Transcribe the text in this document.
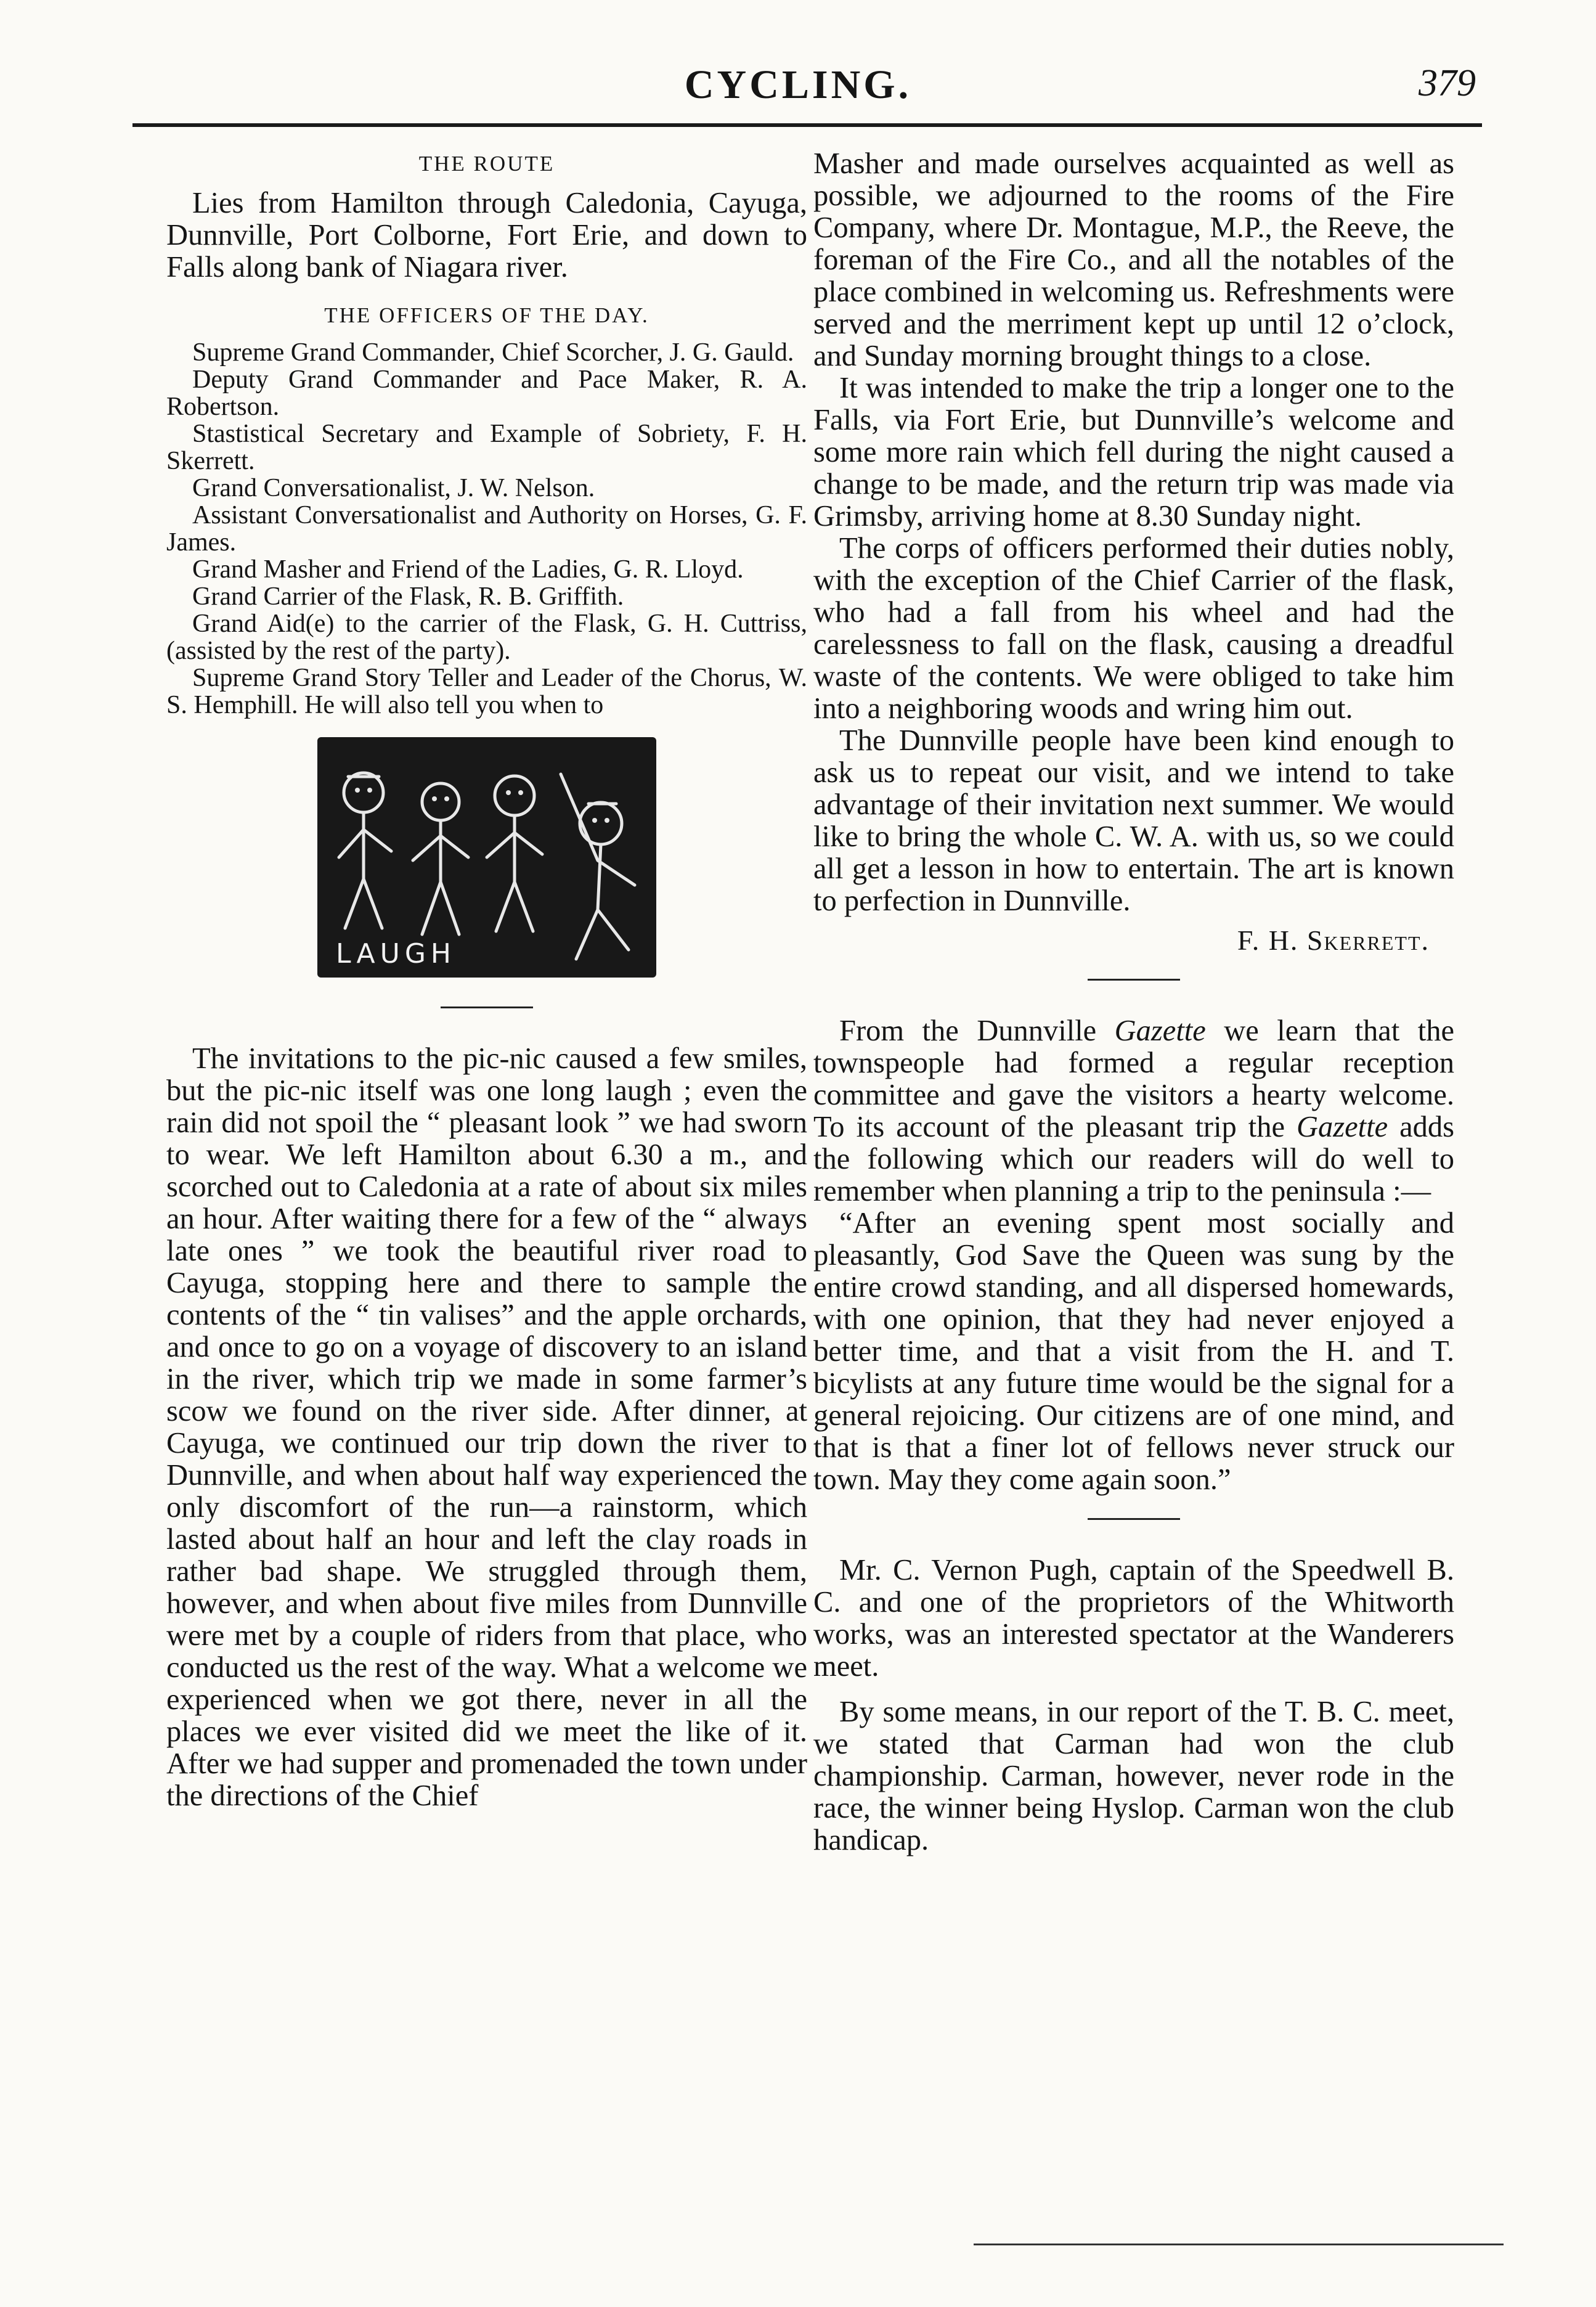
CYCLING.	379
THE ROUTE

Lies from Hamilton through Caledonia, Cayuga, Dunnville, Port Colborne, Fort Erie, and down to Falls along bank of Niagara river.

THE OFFICERS OF THE DAY.

Supreme Grand Commander, Chief Scorcher, J. G. Gauld.

Deputy Grand Commander and Pace Maker, R. A. Robertson.

Stastistical Secretary and Example of Sobriety, F. H. Skerrett.

Grand Conversationalist, J. W. Nelson.

Assistant Conversationalist and Authority on Horses, G. F. James.

Grand Masher and Friend of the Ladies, G. R. Lloyd.

Grand Carrier of the Flask, R. B. Griffith.

Grand Aid(e) to the carrier of the Flask, G. H. Cuttriss, (assisted by the rest of the party).

Supreme Grand Story Teller and Leader of the Chorus, W. S. Hemphill. He will also tell you when to

LAUGH

The invitations to the pic-nic caused a few smiles, but the pic-nic itself was one long laugh ; even the rain did not spoil the “ pleasant look ” we had sworn to wear. We left Hamilton about 6.30 a m., and scorched out to Caledonia at a rate of about six miles an hour. After waiting there for a few of the “ always late ones ” we took the beautiful river road to Cayuga, stopping here and there to sample the contents of the “ tin valises” and the apple orchards, and once to go on a voyage of discovery to an island in the river, which trip we made in some farmer’s scow we found on the river side. After dinner, at Cayuga, we continued our trip down the river to Dunnville, and when about half way experienced the only discomfort of the run—a rainstorm, which lasted about half an hour and left the clay roads in rather bad shape. We struggled through them, however, and when about five miles from Dunnville were met by a couple of riders from that place, who conducted us the rest of the way. What a welcome we experienced when we got there, never in all the places we ever visited did we meet the like of it. After we had supper and promenaded the town under the directions of the Chief

Masher and made ourselves acquainted as well as possible, we adjourned to the rooms of the Fire Company, where Dr. Montague, M.P., the Reeve, the foreman of the Fire Co., and all the notables of the place combined in welcoming us. Refreshments were served and the merriment kept up until 12 o’clock, and Sunday morning brought things to a close.

It was intended to make the trip a longer one to the Falls, via Fort Erie, but Dunnville’s welcome and some more rain which fell during the night caused a change to be made, and the return trip was made via Grimsby, arriving home at 8.30 Sunday night.

The corps of officers performed their duties nobly, with the exception of the Chief Carrier of the flask, who had a fall from his wheel and had the carelessness to fall on the flask, causing a dreadful waste of the contents. We were obliged to take him into a neighboring woods and wring him out.

The Dunnville people have been kind enough to ask us to repeat our visit, and we intend to take advantage of their invitation next summer. We would like to bring the whole C. W. A. with us, so we could all get a lesson in how to entertain. The art is known to perfection in Dunnville.

F. H. Skerrett.

From the Dunnville Gazette we learn that the townspeople had formed a regular reception committee and gave the visitors a hearty welcome. To its account of the pleasant trip the Gazette adds the following which our readers will do well to remember when planning a trip to the peninsula :—

“After an evening spent most socially and pleasantly, God Save the Queen was sung by the entire crowd standing, and all dispersed homewards, with one opinion, that they had never enjoyed a better time, and that a visit from the H. and T. bicylists at any future time would be the signal for a general rejoicing. Our citizens are of one mind, and that is that a finer lot of fellows never struck our town. May they come again soon.”

Mr. C. Vernon Pugh, captain of the Speedwell B. C. and one of the proprietors of the Whitworth works, was an interested spectator at the Wanderers meet.

By some means, in our report of the T. B. C. meet, we stated that Carman had won the club championship. Carman, however, never rode in the race, the winner being Hyslop. Carman won the club handicap.
